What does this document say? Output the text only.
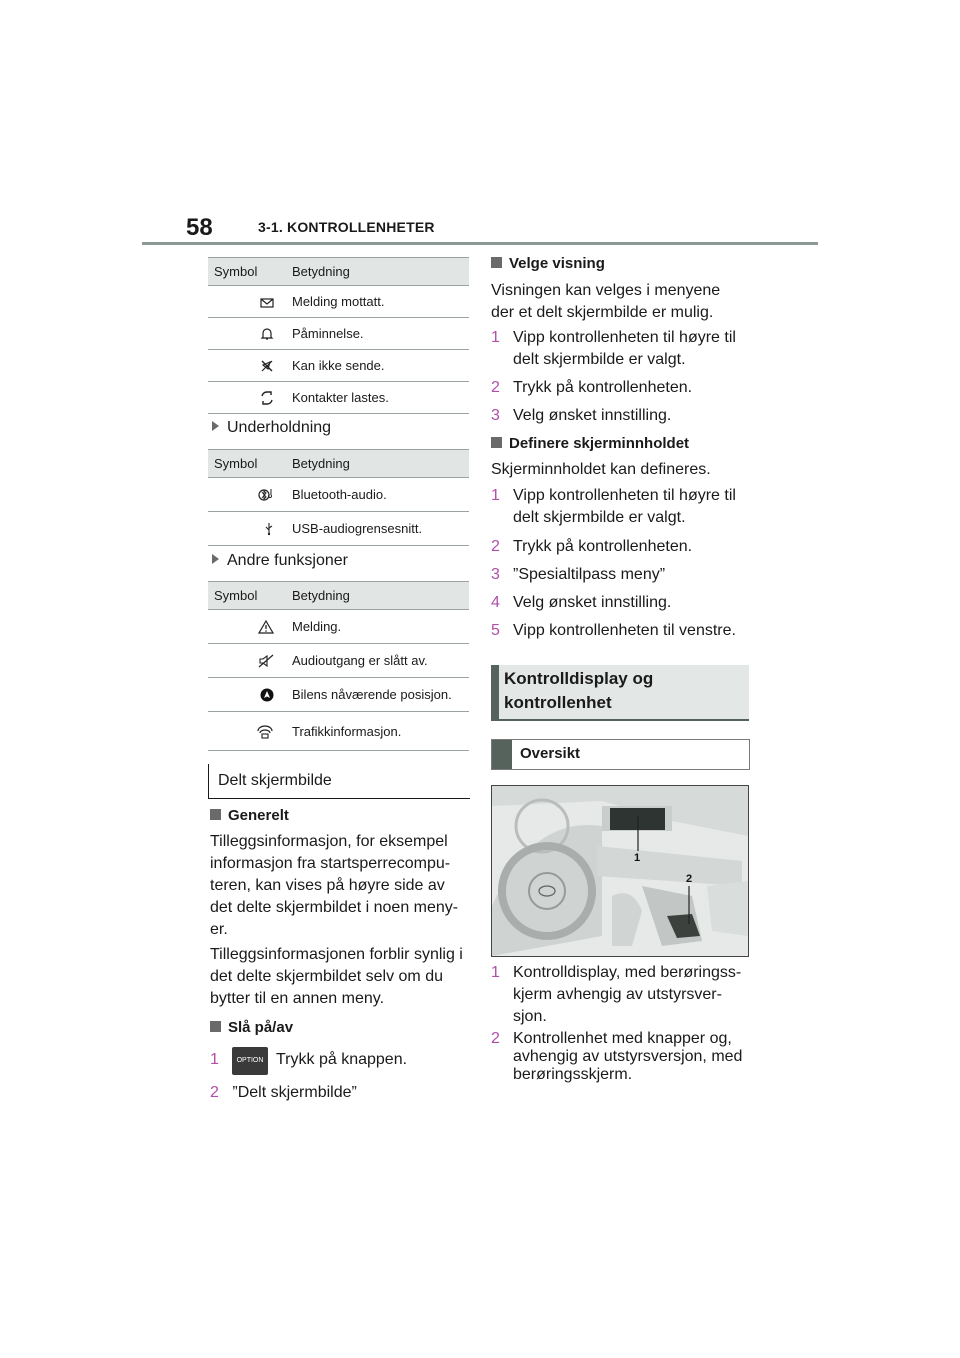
58	3-1. KONTROLLENHETER
Symbol	Betydning
	Melding mottatt.
	Påminnelse.
	Kan ikke sende.
	Kontakter lastes.
Underholdning
Symbol	Betydning
	Bluetooth-audio.
	USB-audiogrensesnitt.
Andre funksjoner
Symbol	Betydning
	Melding.
	Audioutgang er slått av.
	Bilens nåværende posisjon.
	Trafikkinformasjon.
Delt skjermbilde
Generelt
Tilleggsinformasjon, for eksempel
informasjon fra startsperrecompu-
teren, kan vises på høyre side av
det delte skjermbildet i noen meny-
er.
Tilleggsinformasjonen forblir synlig i
det delte skjermbildet selv om du
bytter til en annen meny.
Slå på/av
1	OPTION Trykk på knappen.
2 ”Delt skjermbilde”
Velge visning
Visningen kan velges i menyene
der et delt skjermbilde er mulig.
1 Vipp kontrollenheten til høyre til
delt skjermbilde er valgt.
2 Trykk på kontrollenheten.
3 Velg ønsket innstilling.
Definere skjerminnholdet
Skjerminnholdet kan defineres.
1 Vipp kontrollenheten til høyre til
delt skjermbilde er valgt.
2 Trykk på kontrollenheten.
3 ”Spesialtilpass meny”
4 Velg ønsket innstilling.
5 Vipp kontrollenheten til venstre.
Kontrolldisplay og
kontrollenhet
Oversikt
1
2
1 Kontrolldisplay, med berøringss-
kjerm avhengig av utstyrsver-
sjon.
2 Kontrollenhet med knapper og,
avhengig av utstyrsversjon, med
berøringsskjerm.
